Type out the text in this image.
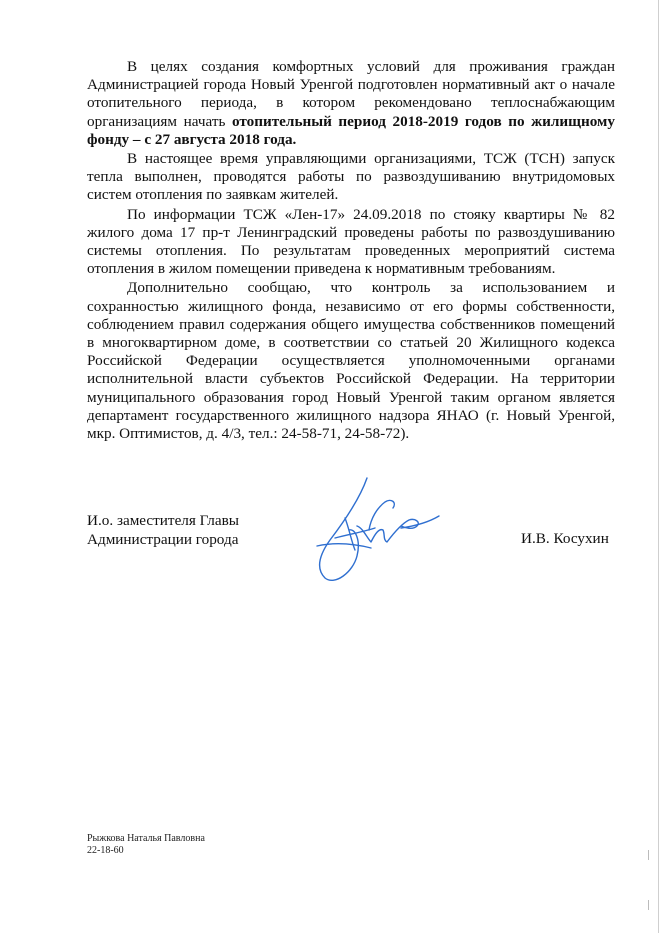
В целях создания комфортных условий для проживания граждан Администрацией города Новый Уренгой подготовлен нормативный акт о начале отопительного периода, в котором рекомендовано теплоснабжающим организациям начать отопительный период 2018-2019 годов по жилищному фонду – с 27 августа 2018 года.

В настоящее время управляющими организациями, ТСЖ (ТСН) запуск тепла выполнен, проводятся работы по развоздушиванию внутридомовых систем отопления по заявкам жителей.

По информации ТСЖ «Лен-17» 24.09.2018 по стояку квартиры № 82 жилого дома 17 пр-т Ленинградский проведены работы по развоздушиванию системы отопления. По результатам проведенных мероприятий система отопления в жилом помещении приведена к нормативным требованиям.

Дополнительно сообщаю, что контроль за использованием и сохранностью жилищного фонда, независимо от его формы собственности, соблюдением правил содержания общего имущества собственников помещений в многоквартирном доме, в соответствии со статьей 20 Жилищного кодекса Российской Федерации осуществляется уполномоченными органами исполнительной власти субъектов Российской Федерации. На территории муниципального образования город Новый Уренгой таким органом является департамент государственного жилищного надзора ЯНАО (г. Новый Уренгой, мкр. Оптимистов, д. 4/3, тел.: 24-58-71, 24-58-72).

И.о. заместителя Главы
Администрации города	И.В. Косухин
Рыжкова Наталья Павловна
22-18-60
